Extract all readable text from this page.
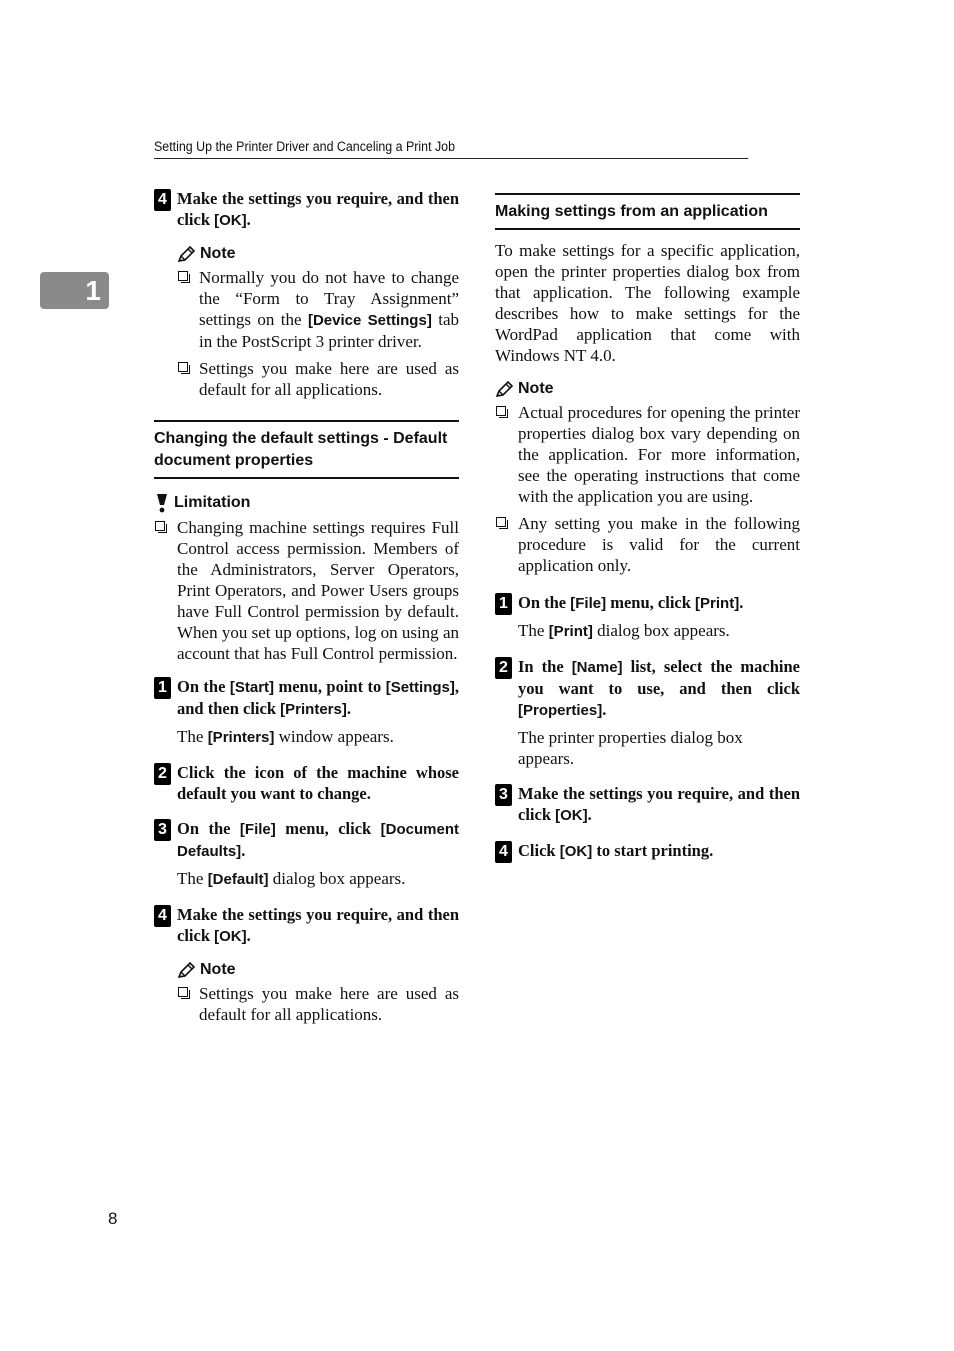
Setting Up the Printer Driver and Canceling a Print Job
1
8
4 Make the settings you require, and then click [OK].
Note
Normally you do not have to change the “Form to Tray Assignment” settings on the [Device Settings] tab in the PostScript 3 printer driver.
Settings you make here are used as default for all applications.
Changing the default settings - Default document properties
Limitation
Changing machine settings requires Full Control access permission. Members of the Administrators, Server Operators, Print Operators, and Power Users groups have Full Control permission by default. When you set up options, log on using an account that has Full Control permission.
1 On the [Start] menu, point to [Settings], and then click [Printers].
The [Printers] window appears.
2 Click the icon of the machine whose default you want to change.
3 On the [File] menu, click [Document Defaults].
The [Default] dialog box appears.
4 Make the settings you require, and then click [OK].
Note
Settings you make here are used as default for all applications.
Making settings from an application
To make settings for a specific application, open the printer properties dialog box from that application. The following example describes how to make settings for the WordPad application that come with Windows NT 4.0.
Note
Actual procedures for opening the printer properties dialog box vary depending on the application. For more information, see the operating instructions that come with the application you are using.
Any setting you make in the following procedure is valid for the current application only.
1 On the [File] menu, click [Print].
The [Print] dialog box appears.
2 In the [Name] list, select the machine you want to use, and then click [Properties].
The printer properties dialog box appears.
3 Make the settings you require, and then click [OK].
4 Click [OK] to start printing.
